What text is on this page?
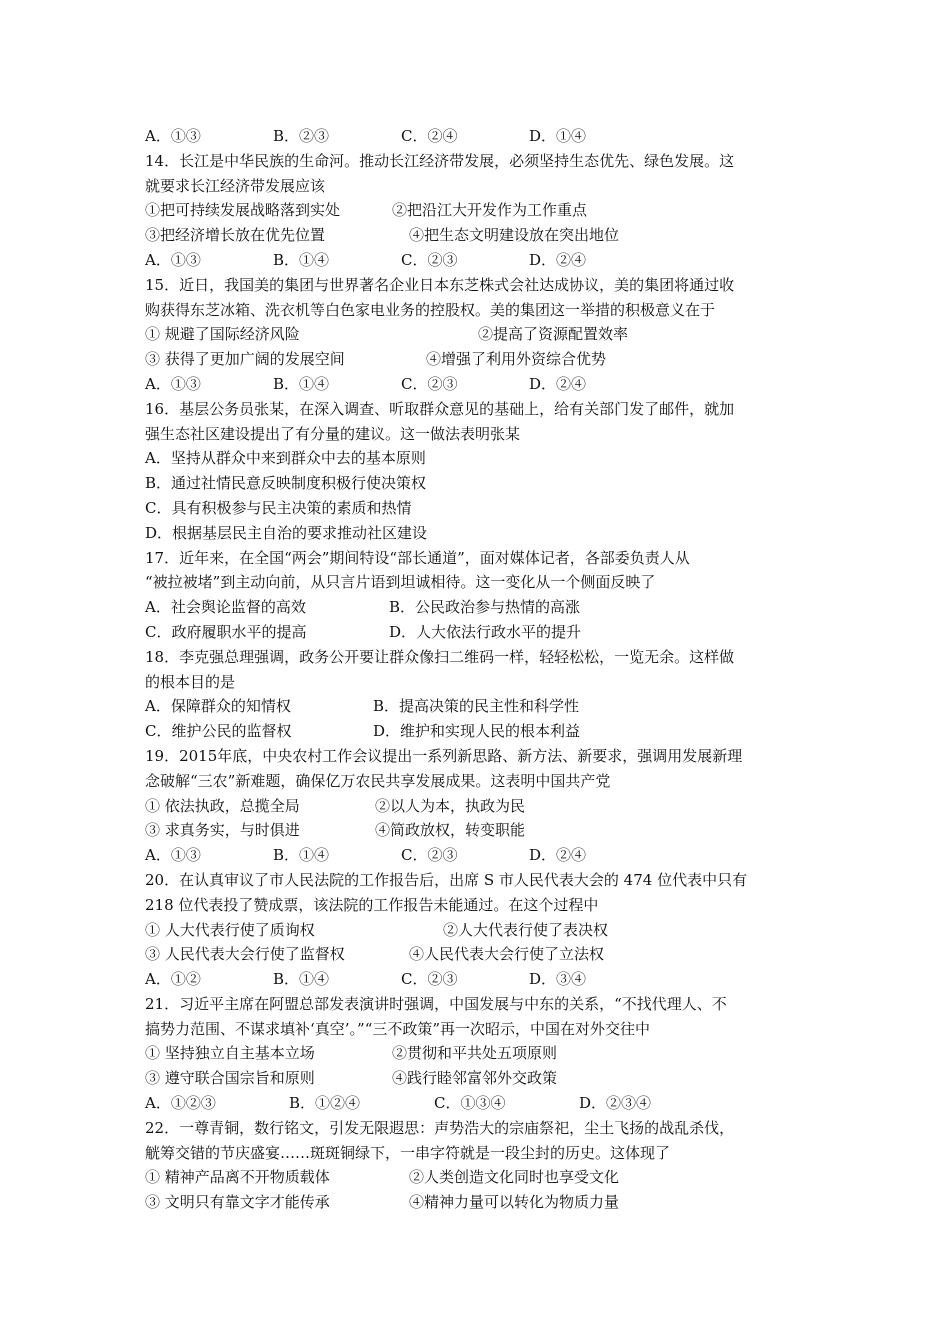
A．①③	B．②③	C．②④	D．①④
14．长江是中华民族的生命河。推动长江经济带发展，必须坚持生态优先、绿色发展。这
就要求长江经济带发展应该
①把可持续发展战略落到实处	②把沿江大开发作为工作重点
③把经济增长放在优先位置	④把生态文明建设放在突出地位
A．①③	B．①④	C．②③	D．②④
15．近日，我国美的集团与世界著名企业日本东芝株式会社达成协议，美的集团将通过收
购获得东芝冰箱、洗衣机等白色家电业务的控股权。美的集团这一举措的积极意义在于
① 规避了国际经济风险	②提高了资源配置效率
③ 获得了更加广阔的发展空间	④增强了利用外资综合优势
A．①③	B．①④	C．②③	D．②④
16．基层公务员张某，在深入调查、听取群众意见的基础上，给有关部门发了邮件，就加
强生态社区建设提出了有分量的建议。这一做法表明张某
A．坚持从群众中来到群众中去的基本原则
B．通过社情民意反映制度积极行使决策权
C．具有积极参与民主决策的素质和热情
D．根据基层民主自治的要求推动社区建设
17．近年来，在全国“两会”期间特设“部长通道”，面对媒体记者，各部委负责人从
“被拉被堵”到主动向前，从只言片语到坦诚相待。这一变化从一个侧面反映了
A．社会舆论监督的高效	B．公民政治参与热情的高涨
C．政府履职水平的提高	D．人大依法行政水平的提升
18．李克强总理强调，政务公开要让群众像扫二维码一样，轻轻松松，一览无余。这样做
的根本目的是
A．保障群众的知情权	B．提高决策的民主性和科学性
C．维护公民的监督权	D．维护和实现人民的根本利益
19．2015年底，中央农村工作会议提出一系列新思路、新方法、新要求，强调用发展新理
念破解“三农”新难题，确保亿万农民共享发展成果。这表明中国共产党
① 依法执政，总揽全局	②以人为本，执政为民
③ 求真务实，与时俱进	④简政放权，转变职能
A．①③	B．①④	C．②③	D．②④
20．在认真审议了市人民法院的工作报告后，出席 S 市人民代表大会的 474 位代表中只有
218 位代表投了赞成票，该法院的工作报告未能通过。在这个过程中
① 人大代表行使了质询权	②人大代表行使了表决权
③ 人民代表大会行使了监督权	④人民代表大会行使了立法权
A．①②	B．①④	C．②③	D．③④
21．习近平主席在阿盟总部发表演讲时强调，中国发展与中东的关系，“不找代理人、不
搞势力范围、不谋求填补‘真空’。”“三不政策”再一次昭示，中国在对外交往中
① 坚持独立自主基本立场	②贯彻和平共处五项原则
③ 遵守联合国宗旨和原则	④践行睦邻富邻外交政策
A．①②③	B．①②④	C．①③④	D．②③④
22．一尊青铜，数行铭文，引发无限遐思：声势浩大的宗庙祭祀，尘土飞扬的战乱杀伐，
觥筹交错的节庆盛宴……斑斑铜绿下，一串字符就是一段尘封的历史。这体现了
① 精神产品离不开物质载体	②人类创造文化同时也享受文化
③ 文明只有靠文字才能传承	④精神力量可以转化为物质力量
